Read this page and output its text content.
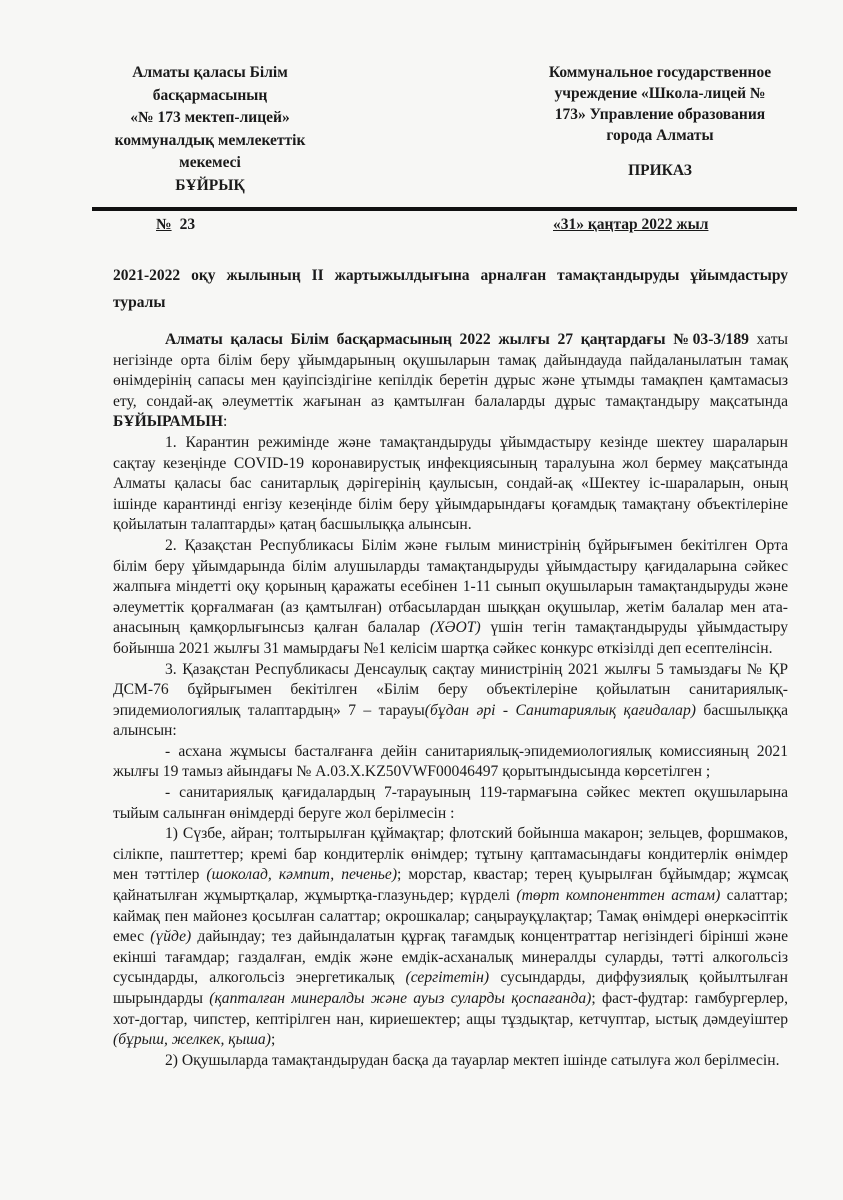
Алматы қаласы Білім
басқармасының
«№ 173 мектеп-лицей»
коммуналдық мемлекеттік
мекемесі
БҰЙРЫҚ
Коммунальное государственное
учреждение «Школа-лицей №
173» Управление образования
города Алматы
ПРИКАЗ
№ 23	«31» қаңтар 2022 жыл
2021-2022 оқу жылының ІІ жартыжылдығына арналған тамақтандыруды ұйымдастыру туралы

Алматы қаласы Білім басқармасының 2022 жылғы 27 қаңтардағы №03-3/189 хаты негізінде орта білім беру ұйымдарының оқушыларын тамақ дайындауда пайдаланылатын тамақ өнімдерінің сапасы мен қауіпсіздігіне кепілдік беретін дұрыс және ұтымды тамақпен қамтамасыз ету, сондай-ақ әлеуметтік жағынан аз қамтылған балаларды дұрыс тамақтандыру мақсатында БҰЙЫРАМЫН:

1. Карантин режимінде және тамақтандыруды ұйымдастыру кезінде шектеу шараларын сақтау кезеңінде COVID-19 коронавирустық инфекциясының таралуына жол бермеу мақсатында Алматы қаласы бас санитарлық дәрігерінің қаулысын, сондай-ақ «Шектеу іс-шараларын, оның ішінде карантинді енгізу кезеңінде білім беру ұйымдарындағы қоғамдық тамақтану объектілеріне қойылатын талаптарды» қатаң басшылыққа алынсын.

2. Қазақстан Республикасы Білім және ғылым министрінің бұйрығымен бекітілген Орта білім беру ұйымдарында білім алушыларды тамақтандыруды ұйымдастыру қағидаларына сәйкес жалпыға міндетті оқу қорының қаражаты есебінен 1-11 сынып оқушыларын тамақтандыруды және әлеуметтік қорғалмаған (аз қамтылған) отбасылардан шыққан оқушылар, жетім балалар мен ата-анасының қамқорлығынсыз қалған балалар (ХӘОТ) үшін тегін тамақтандыруды ұйымдастыру бойынша 2021 жылғы 31 мамырдағы №1 келісім шартқа сәйкес конкурс өткізілді деп есептелінсін.

3. Қазақстан Республикасы Денсаулық сақтау министрінің 2021 жылғы 5 тамыздағы № ҚР ДСМ-76 бұйрығымен бекітілген «Білім беру объектілеріне қойылатын санитариялық-эпидемиологиялық талаптардың» 7 – тарауы(бұдан әрі - Санитариялық қағидалар) басшылыққа алынсын:

- асхана жұмысы басталғанға дейін санитариялық-эпидемиологиялық комиссияның 2021 жылғы 19 тамыз айындағы № A.03.X.KZ50VWF00046497 қорытындысында көрсетілген ;

- санитариялық қағидалардың 7-тарауының 119-тармағына сәйкес мектеп оқушыларына тыйым салынған өнімдерді беруге жол берілмесін :

1) Сүзбе, айран; толтырылған құймақтар; флотский бойынша макарон; зельцев, форшмаков, сілікпе, паштеттер; кремі бар кондитерлік өнімдер; тұтыну қаптамасындағы кондитерлік өнімдер мен тәттілер (шоколад, кәмпит, печенье); морстар, квастар; терең қуырылған бұйымдар; жұмсақ қайнатылған жұмыртқалар, жұмыртқа-глазуньдер; күрделі (төрт компоненттен астам) салаттар; каймақ пен майонез қосылған салаттар; окрошкалар; саңырауқұлақтар; Тамақ өнімдері өнеркәсіптік емес (үйде) дайындау; тез дайындалатын құрғақ тағамдық концентраттар негізіндегі бірінші және екінші тағамдар; газдалған, емдік және емдік-асханалық минералды суларды, тәтті алкогольсіз сусындарды, алкогольсіз энергетикалық (сергітетін) сусындарды, диффузиялық қойылтылған шырындарды (қапталған минералды және ауыз суларды қоспағанда); фаст-фудтар: гамбургерлер, хот-догтар, чипстер, кептірілген нан, кириешектер; ащы тұздықтар, кетчуптар, ыстық дәмдеуіштер (бұрыш, желкек, қыша);

2) Оқушыларда тамақтандырудан басқа да тауарлар мектеп ішінде сатылуға жол берілмесін.
